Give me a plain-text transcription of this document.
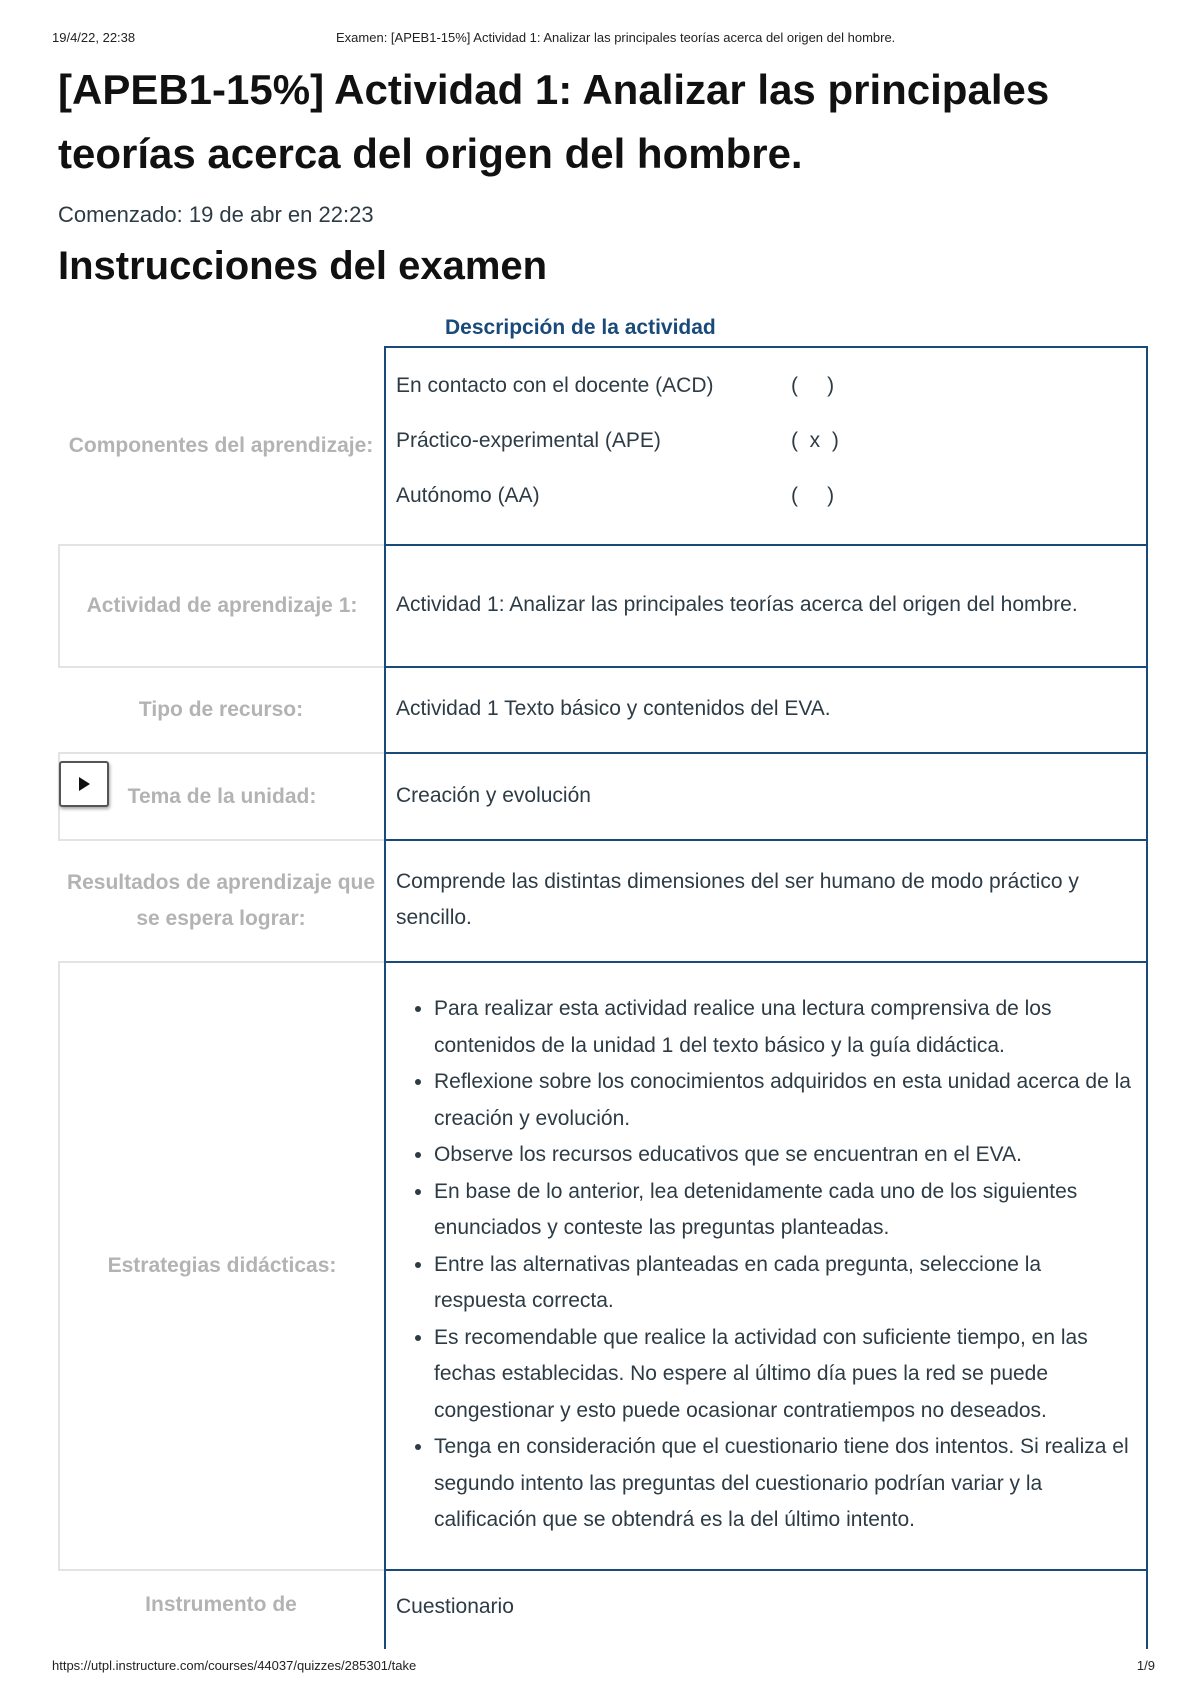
19/4/22, 22:38	Examen: [APEB1-15%] Actividad 1: Analizar las principales teorías acerca del origen del hombre.
[APEB1-15%] Actividad 1: Analizar las principales teorías acerca del origen del hombre.
Comenzado: 19 de abr en 22:23
Instrucciones del examen
Descripción de la actividad
Componentes del aprendizaje:
En contacto con el docente (ACD)	(     )
Práctico-experimental (APE)	(  x  )
Autónomo (AA)	(     )
Actividad de aprendizaje 1: Actividad 1: Analizar las principales teorías acerca del origen del hombre.
Tipo de recurso:	Actividad 1 Texto básico y contenidos del EVA.
Tema de la unidad:	Creación y evolución
Resultados de aprendizaje que se espera lograr:
Comprende las distintas dimensiones del ser humano de modo práctico y sencillo.
Estrategias didácticas:
• Para realizar esta actividad realice una lectura comprensiva de los contenidos de la unidad 1 del texto básico y la guía didáctica.
• Reflexione sobre los conocimientos adquiridos en esta unidad acerca de la creación y evolución.
• Observe los recursos educativos que se encuentran en el EVA.
• En base de lo anterior, lea detenidamente cada uno de los siguientes enunciados y conteste las preguntas planteadas.
• Entre las alternativas planteadas en cada pregunta, seleccione la respuesta correcta.
• Es recomendable que realice la actividad con suficiente tiempo, en las fechas establecidas. No espere al último día pues la red se puede congestionar y esto puede ocasionar contratiempos no deseados.
• Tenga en consideración que el cuestionario tiene dos intentos. Si realiza el segundo intento las preguntas del cuestionario podrían variar y la calificación que se obtendrá es la del último intento.
Instrumento de	Cuestionario
https://utpl.instructure.com/courses/44037/quizzes/285301/take	1/9
